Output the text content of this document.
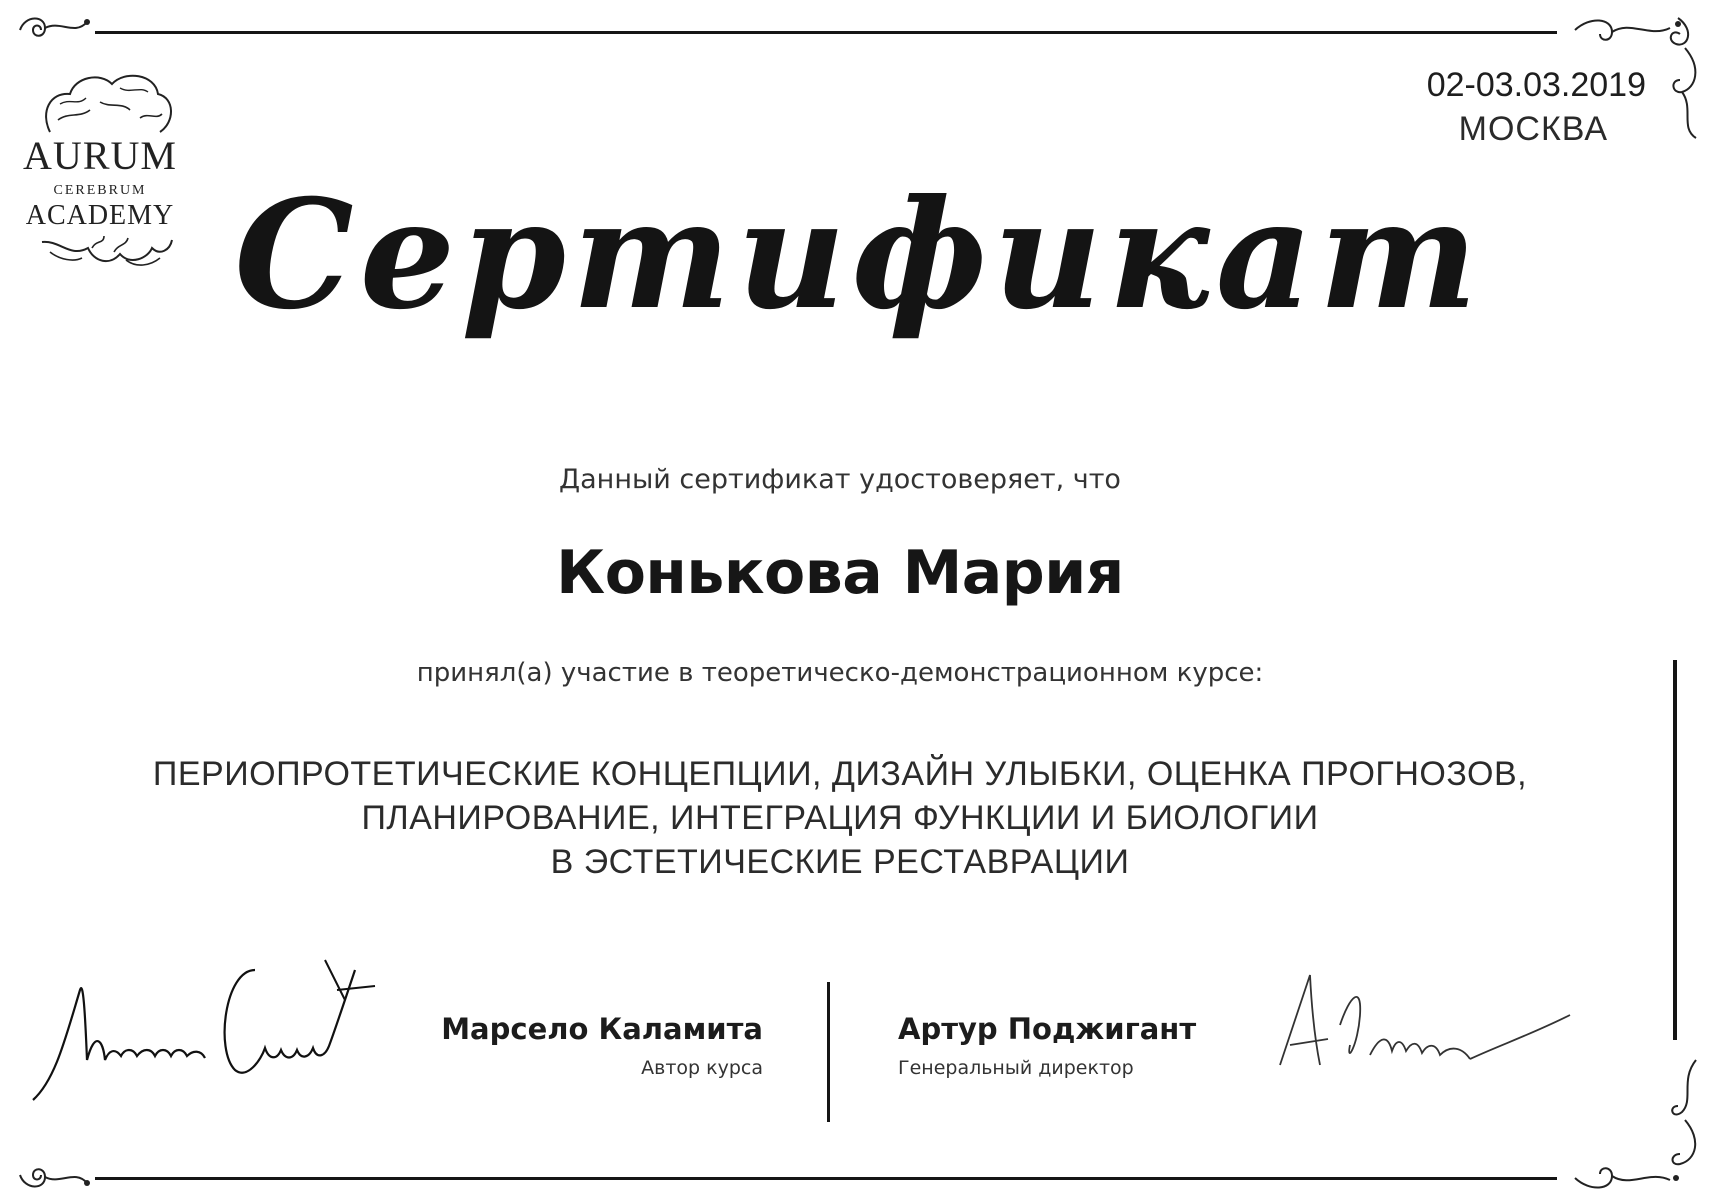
AURUM
CEREBRUM
ACADEMY
02-03.03.2019
МОСКВА
Сертификат
Данный сертификат удостоверяет, что
Конькова Мария
принял(а) участие в теоретическо-демонстрационном курсе:
ПЕРИОПРОТЕТИЧЕСКИЕ КОНЦЕПЦИИ, ДИЗАЙН УЛЫБКИ, ОЦЕНКА ПРОГНОЗОВ,
ПЛАНИРОВАНИЕ, ИНТЕГРАЦИЯ ФУНКЦИИ И БИОЛОГИИ
В ЭСТЕТИЧЕСКИЕ РЕСТАВРАЦИИ
Марсело Каламита
Автор курса
Артур Поджигант
Генеральный директор
